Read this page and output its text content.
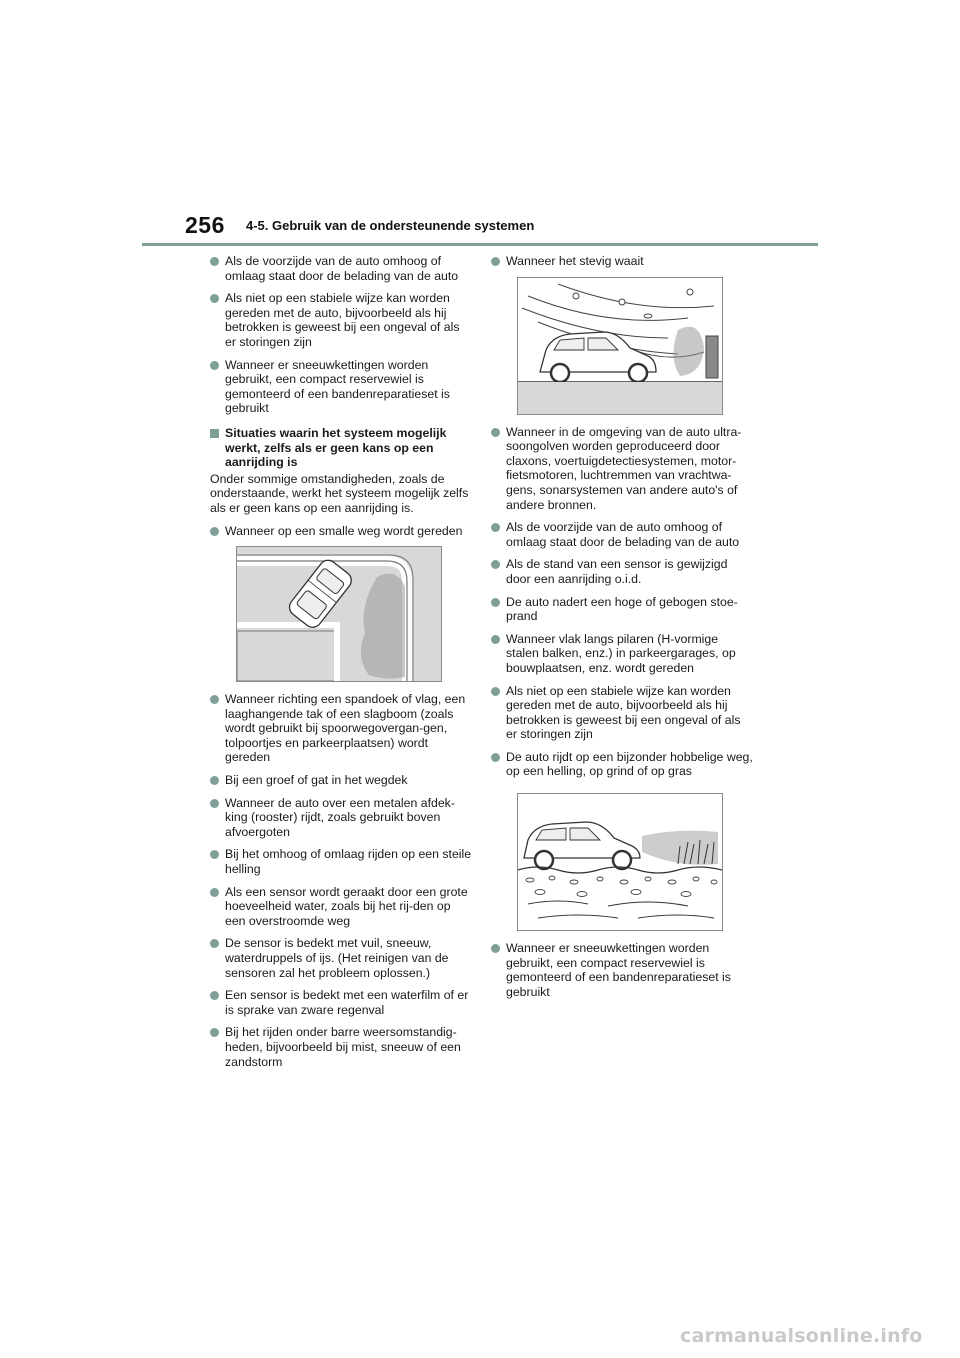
256 4-5. Gebruik van de ondersteunende systemen
Als de voorzijde van de auto omhoog of omlaag staat door de belading van de auto
Als niet op een stabiele wijze kan worden gereden met de auto, bijvoorbeeld als hij betrokken is geweest bij een ongeval of als er storingen zijn
Wanneer er sneeuwkettingen worden gebruikt, een compact reservewiel is gemonteerd of een bandenreparatieset is gebruikt
Situaties waarin het systeem mogelijk werkt, zelfs als er geen kans op een aanrijding is
Onder sommige omstandigheden, zoals de onderstaande, werkt het systeem mogelijk zelfs als er geen kans op een aanrijding is.
Wanneer op een smalle weg wordt gereden
Wanneer richting een spandoek of vlag, een laaghangende tak of een slagboom (zoals wordt gebruikt bij spoorwegovergan-gen, tolpoortjes en parkeerplaatsen) wordt gereden
Bij een groef of gat in het wegdek
Wanneer de auto over een metalen afdek-king (rooster) rijdt, zoals gebruikt boven afvoergoten
Bij het omhoog of omlaag rijden op een steile helling
Als een sensor wordt geraakt door een grote hoeveelheid water, zoals bij het rij-den op een overstroomde weg
De sensor is bedekt met vuil, sneeuw, waterdruppels of ijs. (Het reinigen van de sensoren zal het probleem oplossen.)
Een sensor is bedekt met een waterfilm of er is sprake van zware regenval
Bij het rijden onder barre weersomstandig-heden, bijvoorbeeld bij mist, sneeuw of een zandstorm
Wanneer het stevig waait
Wanneer in de omgeving van de auto ultra-soongolven worden geproduceerd door claxons, voertuigdetectiesystemen, motor-fietsmotoren, luchtremmen van vrachtwa-gens, sonarsystemen van andere auto's of andere bronnen.
Als de voorzijde van de auto omhoog of omlaag staat door de belading van de auto
Als de stand van een sensor is gewijzigd door een aanrijding o.i.d.
De auto nadert een hoge of gebogen stoe-prand
Wanneer vlak langs pilaren (H-vormige stalen balken, enz.) in parkeergarages, op bouwplaatsen, enz. wordt gereden
Als niet op een stabiele wijze kan worden gereden met de auto, bijvoorbeeld als hij betrokken is geweest bij een ongeval of als er storingen zijn
De auto rijdt op een bijzonder hobbelige weg, op een helling, op grind of op gras
Wanneer er sneeuwkettingen worden gebruikt, een compact reservewiel is gemonteerd of een bandenreparatieset is gebruikt
carmanualsonline.info
